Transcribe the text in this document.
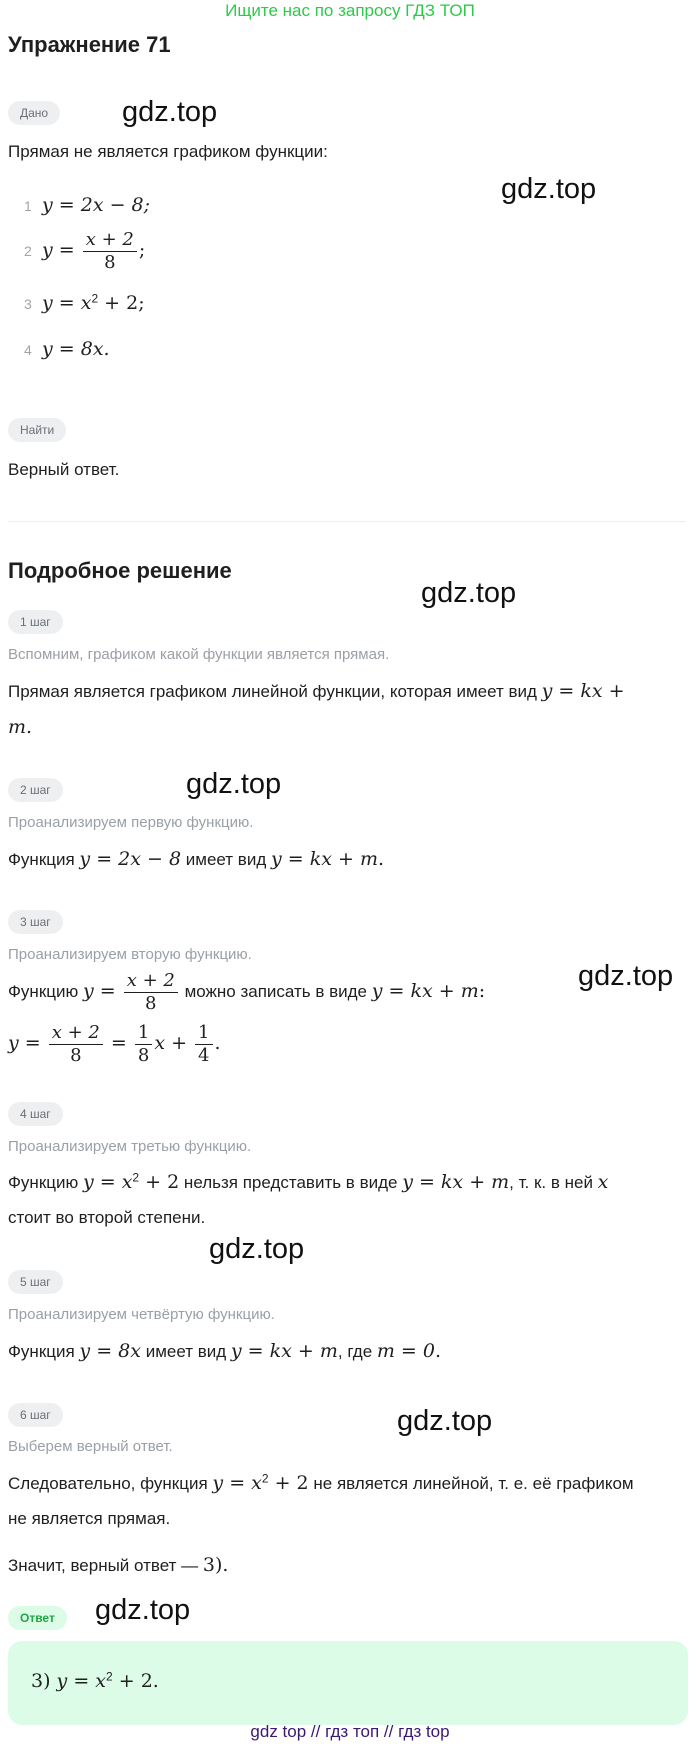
Ищите нас по запросу ГДЗ ТОП
Упражнение 71
Дано	gdz.top
Прямая не является графиком функции:
gdz.top
1 y = 2x − 8;
2 $y = \frac{x + 2}{8}$ ;
3 $y = x^2 + 2$;
4 y = 8x.
Найти
Верный ответ.
Подробное решение
gdz.top
1 шаг
Вспомним, графиком какой функции является прямая.
Прямая является графиком линейной функции, которая имеет вид y = kx +
m.
2 шаг	gdz.top
Проанализируем первую функцию.
Функция y = 2x − 8 имеет вид y = kx + m.
3 шаг
Проанализируем вторую функцию.
gdz.top
Функцию $y = \frac{x + 2}{8}$ можно записать в виде y = kx + m:
$y = \frac{x + 2}{8} = \frac{1}{8}$ $x + \frac{1}{4}$ .
4 шаг
Проанализируем третью функцию.
Функцию $y = x^2 + 2$ нельзя представить в виде y = kx + m, т. к. в ней x
стоит во второй степени.
gdz.top
5 шаг
Проанализируем четвёртую функцию.
Функция y = 8x имеет вид y = kx + m, где m = 0.
6 шаг	gdz.top
Выберем верный ответ.
Следовательно, функция $y = x^2 + 2$ не является линейной, т. е. её графиком
не является прямая.
Значит, верный ответ — 3).
Ответ	gdz.top
3) $y = x^2 + 2$.
gdz top // гдз топ // гдз top
